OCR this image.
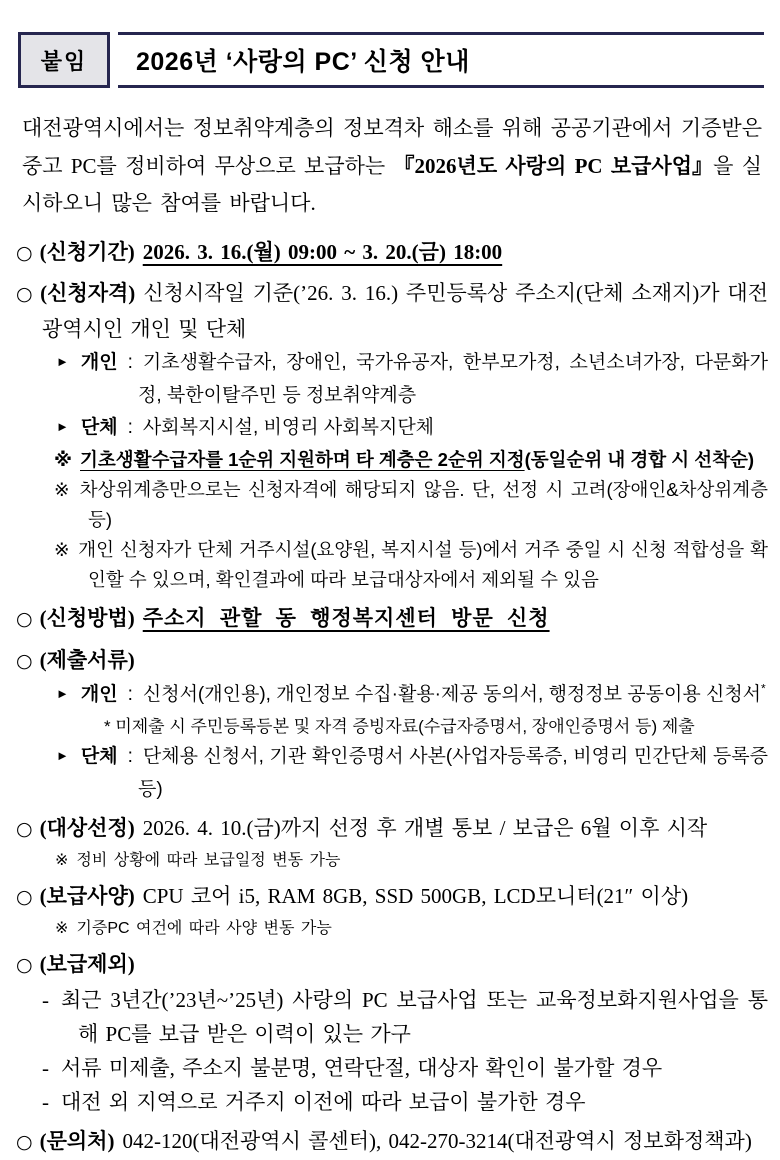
붙임	2026년 ‘사랑의 PC’ 신청 안내

대전광역시에서는 정보취약계층의 정보격차 해소를 위해 공공기관에서 기증받은 중고 PC를 정비하여 무상으로 보급하는 『2026년도 사랑의 PC 보급사업』을 실시하오니 많은 참여를 바랍니다.

○ (신청기간) 2026. 3. 16.(월) 09:00 ~ 3. 20.(금) 18:00
○ (신청자격) 신청시작일 기준(’26. 3. 16.) 주민등록상 주소지(단체 소재지)가 대전광역시인 개인 및 단체
► 개인 : 기초생활수급자, 장애인, 국가유공자, 한부모가정, 소년소녀가장, 다문화가정, 북한이탈주민 등 정보취약계층
► 단체 : 사회복지시설, 비영리 사회복지단체
※ 기초생활수급자를 1순위 지원하며 타 계층은 2순위 지정(동일순위 내 경합 시 선착순)
※ 차상위계층만으로는 신청자격에 해당되지 않음. 단, 선정 시 고려(장애인&차상위계층 등)
※ 개인 신청자가 단체 거주시설(요양원, 복지시설 등)에서 거주 중일 시 신청 적합성을 확인할 수 있으며, 확인결과에 따라 보급대상자에서 제외될 수 있음
○ (신청방법) 주소지 관할 동 행정복지센터 방문 신청
○ (제출서류)
► 개인 : 신청서(개인용), 개인정보 수집·활용·제공 동의서, 행정정보 공동이용 신청서*
* 미제출 시 주민등록등본 및 자격 증빙자료(수급자증명서, 장애인증명서 등) 제출
► 단체 : 단체용 신청서, 기관 확인증명서 사본(사업자등록증, 비영리 민간단체 등록증 등)
○ (대상선정) 2026. 4. 10.(금)까지 선정 후 개별 통보 / 보급은 6월 이후 시작
※ 정비 상황에 따라 보급일정 변동 가능
○ (보급사양) CPU 코어 i5, RAM 8GB, SSD 500GB, LCD모니터(21″ 이상)
※ 기증PC 여건에 따라 사양 변동 가능
○ (보급제외)
- 최근 3년간(’23년~’25년) 사랑의 PC 보급사업 또는 교육정보화지원사업을 통해 PC를 보급 받은 이력이 있는 가구
- 서류 미제출, 주소지 불분명, 연락단절, 대상자 확인이 불가할 경우
- 대전 외 지역으로 거주지 이전에 따라 보급이 불가한 경우
○ (문의처) 042-120(대전광역시 콜센터), 042-270-3214(대전광역시 정보화정책과)
